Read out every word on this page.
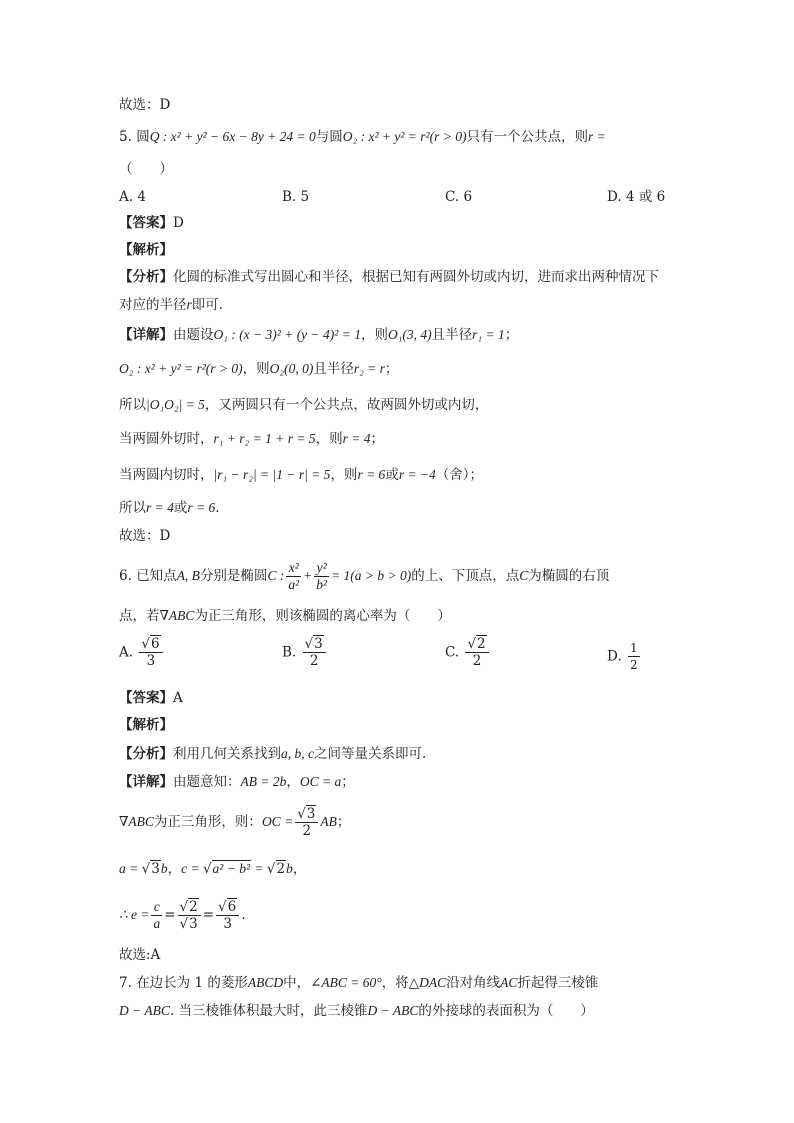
故选：D
5. 圆Q : x² + y² − 6x − 8y + 24 = 0与圆O₂ : x² + y² = r²(r > 0)只有一个公共点，则r =
（　　）
A. 4	B. 5	C. 6	D. 4 或 6
【答案】D
【解析】
【分析】化圆的标准式写出圆心和半径，根据已知有两圆外切或内切，进而求出两种情况下
对应的半径r即可.
【详解】由题设O₁ : (x − 3)² + (y − 4)² = 1，则O₁(3, 4)且半径r₁ = 1；
O₂ : x² + y² = r²(r > 0)，则O₂(0, 0)且半径r₂ = r；
所以|O₁O₂| = 5，又两圆只有一个公共点，故两圆外切或内切，
当两圆外切时，r₁ + r₂ = 1 + r = 5，则r = 4；
当两圆内切时，|r₁ − r₂| = |1 − r| = 5，则r = 6或r = −4（舍）；
所以r = 4或r = 6.
故选：D
6. 已知点A, B分别是椭圆C : $\frac{\text{x²}}{\text{a²}} + \frac{\text{y²}}{\text{b²}} = 1(a > b > 0)$的上、下顶点，点C为椭圆的右顶
点，若∇ABC为正三角形，则该椭圆的离心率为（　　）
A. $\frac{√6}{3}$	B. $\frac{√3}{2}$	C. $\frac{√2}{2}$	D. $\frac{1}{2}$
【答案】A
【解析】
【分析】利用几何关系找到a, b, c之间等量关系即可.
【详解】由题意知：AB = 2b，OC = a；
∇ABC为正三角形，则：OC = $\frac{√3}{2}$ AB；
a = √3b，c = √a² − b² = √2b，
∴ $e = \frac{c}{a} = \frac{√2}{√3} = \frac{√6}{3}$ .
故选:A
7. 在边长为 1 的菱形ABCD中，∠ABC = 60°，将△DAC沿对角线AC折起得三棱锥
D − ABC. 当三棱锥体积最大时，此三棱锥D − ABC的外接球的表面积为（　　）
